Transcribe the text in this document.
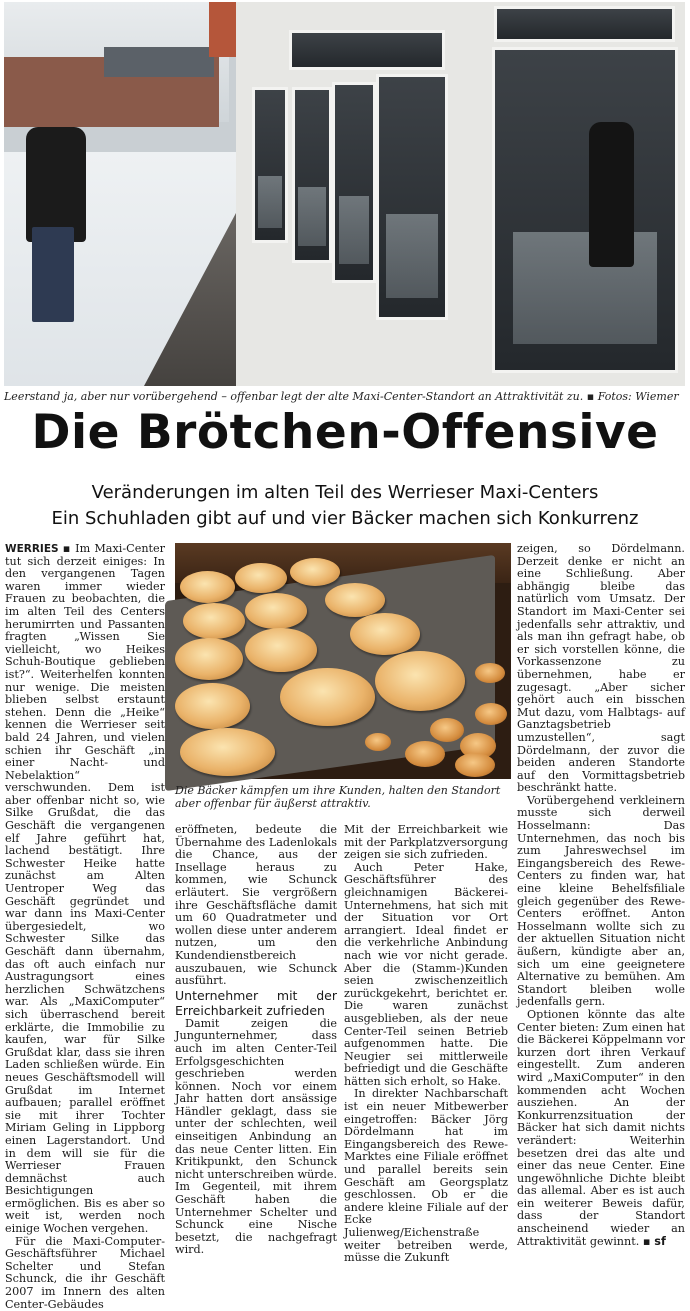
Leerstand ja, aber nur vorübergehend – offenbar legt der alte Maxi-Center-Standort an Attraktivität zu. ▪ Fotos: Wiemer
Die Brötchen-Offensive
Veränderungen im alten Teil des Werrieser Maxi-Centers
Ein Schuhladen gibt auf und vier Bäcker machen sich Konkurrenz

WERRIES ▪ Im Maxi-Center tut sich derzeit einiges: In den vergangenen Tagen waren immer wieder Frauen zu beobachten, die im alten Teil des Centers herumirrten und Passanten fragten „Wissen Sie vielleicht, wo Heikes Schuh-Boutique geblieben ist?“. Weiterhelfen konnten nur wenige. Die meisten blieben selbst erstaunt stehen. Denn die „Heike“ kennen die Werrieser seit bald 24 Jahren, und vielen schien ihr Geschäft „in einer Nacht- und Nebelaktion“ verschwunden. Dem ist aber offenbar nicht so, wie Silke Grußdat, die das Geschäft die vergangenen elf Jahre geführt hat, lachend bestätigt. Ihre Schwester Heike hatte zunächst am Alten Uentroper Weg das Geschäft gegründet und war dann ins Maxi-Center übergesiedelt, wo Schwester Silke das Geschäft dann übernahm, das oft auch einfach nur Austragungsort eines herzlichen Schwätzchens war. Als „MaxiComputer“ sich überraschend bereit erklärte, die Immobilie zu kaufen, war für Silke Grußdat klar, dass sie ihren Laden schließen würde. Ein neues Geschäftsmodell will Grußdat im Internet aufbauen; parallel eröffnet sie mit ihrer Tochter Miriam Geling in Lippborg einen Lagerstandort. Und in dem will sie für die Werrieser Frauen demnächst auch Besichtigungen ermöglichen. Bis es aber so weit ist, werden noch einige Wochen vergehen.

Für die Maxi-Computer-Geschäftsführer Michael Schelter und Stefan Schunck, die ihr Geschäft 2007 im Innern des alten Center-Gebäudes

Die Bäcker kämpfen um ihre Kunden, halten den Standort aber offenbar für äußerst attraktiv.

eröffneten, bedeute die Übernahme des Ladenlokals die Chance, aus der Insellage heraus zu kommen, wie Schunck erläutert. Sie vergrößern ihre Geschäftsfläche damit um 60 Quadratmeter und wollen diese unter anderem nutzen, um den Kundendienstbereich auszubauen, wie Schunck ausführt.

Unternehmer mit der Erreichbarkeit zufrieden

Damit zeigen die Jungunternehmer, dass auch im alten Center-Teil Erfolgsgeschichten geschrieben werden können. Noch vor einem Jahr hatten dort ansässige Händler geklagt, dass sie unter der schlechten, weil einseitigen Anbindung an das neue Center litten. Ein Kritikpunkt, den Schunck nicht unterschreiben würde. Im Gegenteil, mit ihrem Geschäft haben die Unternehmer Schelter und Schunck eine Nische besetzt, die nachgefragt wird.

Mit der Erreichbarkeit wie mit der Parkplatzversorgung zeigen sie sich zufrieden.

Auch Peter Hake, Geschäftsführer des gleichnamigen Bäckerei-Unternehmens, hat sich mit der Situation vor Ort arrangiert. Ideal findet er die verkehrliche Anbindung nach wie vor nicht gerade. Aber die (Stamm-)Kunden seien zwischenzeitlich zurückgekehrt, berichtet er. Die waren zunächst ausgeblieben, als der neue Center-Teil seinen Betrieb aufgenommen hatte. Die Neugier sei mittlerweile befriedigt und die Geschäfte hätten sich erholt, so Hake.

In direkter Nachbarschaft ist ein neuer Mitbewerber eingetroffen: Bäcker Jörg Dördelmann hat im Eingangsbereich des Rewe-Marktes eine Filiale eröffnet und parallel bereits sein Geschäft am Georgsplatz geschlossen. Ob er die andere kleine Filiale auf der Ecke Julienweg/Eichenstraße weiter betreiben werde, müsse die Zukunft

zeigen, so Dördelmann. Derzeit denke er nicht an eine Schließung. Aber abhängig bleibe das natürlich vom Umsatz. Der Standort im Maxi-Center sei jedenfalls sehr attraktiv, und als man ihn gefragt habe, ob er sich vorstellen könne, die Vorkassenzone zu übernehmen, habe er zugesagt. „Aber sicher gehört auch ein bisschen Mut dazu, vom Halbtags- auf Ganztagsbetrieb umzustellen“, sagt Dördelmann, der zuvor die beiden anderen Standorte auf den Vormittagsbetrieb beschränkt hatte.

Vorübergehend verkleinern musste sich derweil Hosselmann: Das Unternehmen, das noch bis zum Jahreswechsel im Eingangsbereich des Rewe-Centers zu finden war, hat eine kleine Behelfsfiliale gleich gegenüber des Rewe-Centers eröffnet. Anton Hosselmann wollte sich zu der aktuellen Situation nicht äußern, kündigte aber an, sich um eine geeignetere Alternative zu bemühen. Am Standort bleiben wolle jedenfalls gern.

Optionen könnte das alte Center bieten: Zum einen hat die Bäckerei Köppelmann vor kurzen dort ihren Verkauf eingestellt. Zum anderen wird „MaxiComputer“ in den kommenden acht Wochen ausziehen. An der Konkurrenzsituation der Bäcker hat sich damit nichts verändert: Weiterhin besetzen drei das alte und einer das neue Center. Eine ungewöhnliche Dichte bleibt das allemal. Aber es ist auch ein weiterer Beweis dafür, dass der Standort anscheinend wieder an Attraktivität gewinnt. ▪ sf
